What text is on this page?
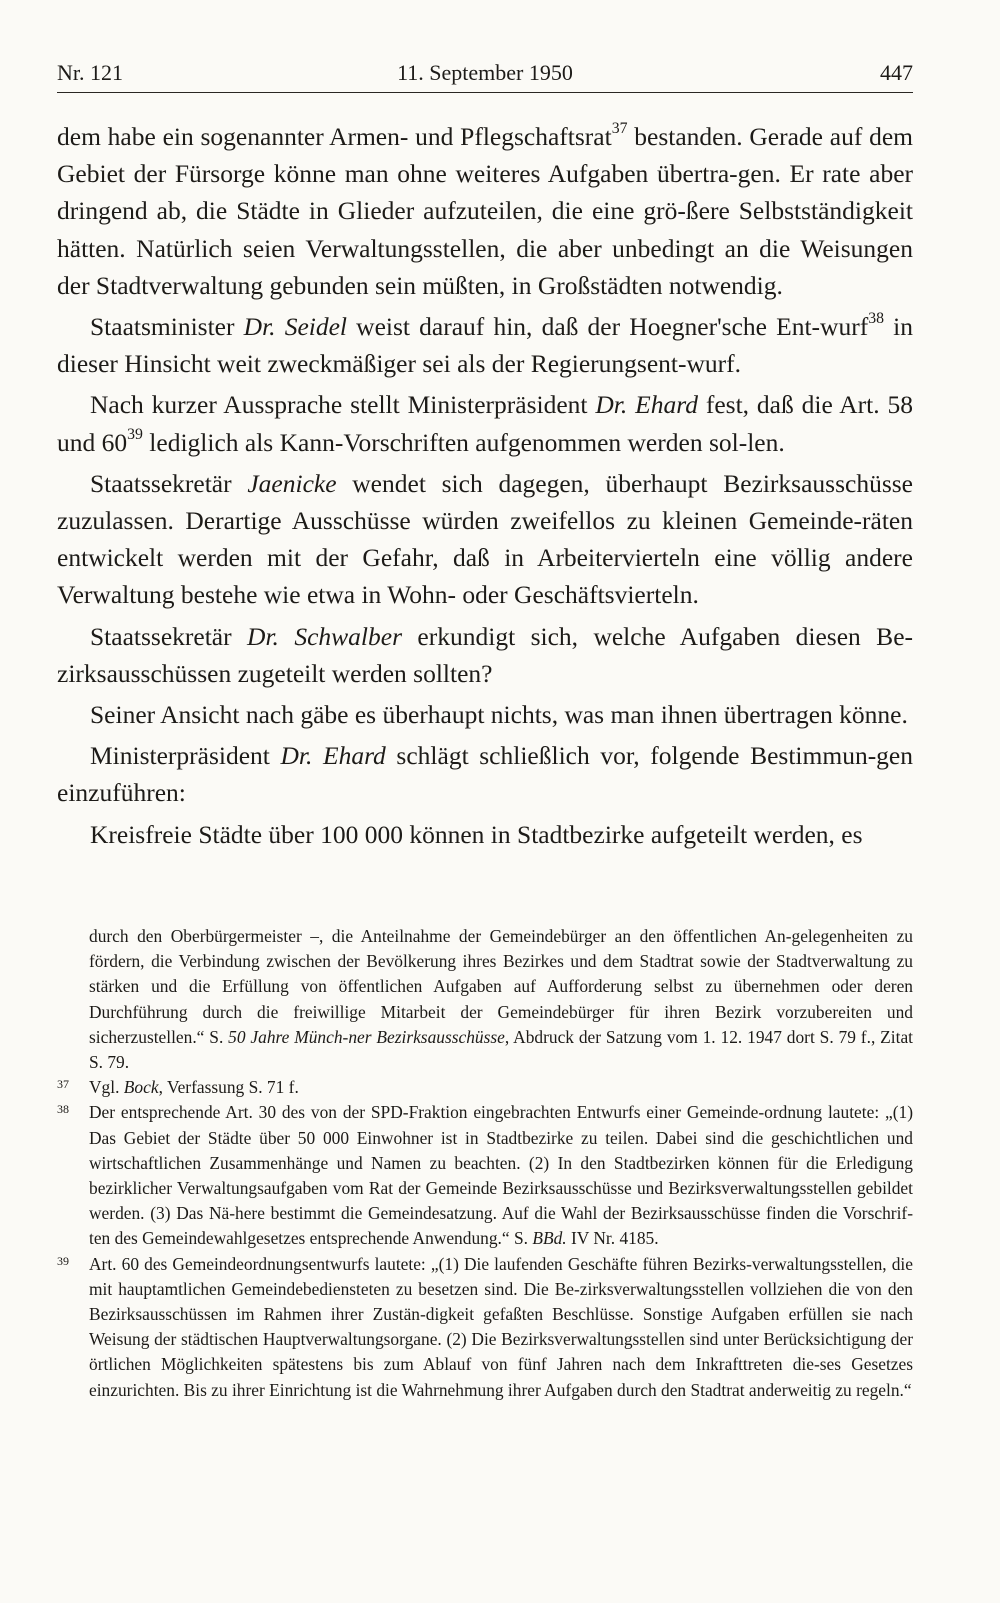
Nr. 121	11. September 1950	447

dem habe ein sogenannter Armen- und Pflegschaftsrat$^{37}$ bestanden. Gerade auf dem Gebiet der Fürsorge könne man ohne weiteres Aufgaben übertra-gen. Er rate aber dringend ab, die Städte in Glieder aufzuteilen, die eine grö-ßere Selbstständigkeit hätten. Natürlich seien Verwaltungsstellen, die aber unbedingt an die Weisungen der Stadtverwaltung gebunden sein müßten, in Großstädten notwendig.

Staatsminister Dr. Seidel weist darauf hin, daß der Hoegner'sche Ent-wurf$^{38}$ in dieser Hinsicht weit zweckmäßiger sei als der Regierungsent-wurf.

Nach kurzer Aussprache stellt Ministerpräsident Dr. Ehard fest, daß die Art. 58 und $60^{39}$ lediglich als Kann-Vorschriften aufgenommen werden sol-len.

Staatssekretär Jaenicke wendet sich dagegen, überhaupt Bezirksausschüsse zuzulassen. Derartige Ausschüsse würden zweifellos zu kleinen Gemeinde-räten entwickelt werden mit der Gefahr, daß in Arbeitervierteln eine völlig andere Verwaltung bestehe wie etwa in Wohn- oder Geschäftsvierteln.

Staatssekretär Dr. Schwalber erkundigt sich, welche Aufgaben diesen Be-zirksausschüssen zugeteilt werden sollten?

Seiner Ansicht nach gäbe es überhaupt nichts, was man ihnen übertragen könne.

Ministerpräsident Dr. Ehard schlägt schließlich vor, folgende Bestimmun-gen einzuführen:

Kreisfreie Städte über 100 000 können in Stadtbezirke aufgeteilt werden, es

durch den Oberbürgermeister –, die Anteilnahme der Gemeindebürger an den öffentlichen An-gelegenheiten zu fördern, die Verbindung zwischen der Bevölkerung ihres Bezirkes und dem Stadtrat sowie der Stadtverwaltung zu stärken und die Erfüllung von öffentlichen Aufgaben auf Aufforderung selbst zu übernehmen oder deren Durchführung durch die freiwillige Mitarbeit der Gemeindebürger für ihren Bezirk vorzubereiten und sicherzustellen.“ S. 50 Jahre Münch-ner Bezirksausschüsse, Abdruck der Satzung vom 1. 12. 1947 dort S. 79 f., Zitat S. 79.

37 Vgl. Bock, Verfassung S. 71 f.

38 Der entsprechende Art. 30 des von der SPD-Fraktion eingebrachten Entwurfs einer Gemeinde-ordnung lautete: „(1) Das Gebiet der Städte über 50 000 Einwohner ist in Stadtbezirke zu teilen. Dabei sind die geschichtlichen und wirtschaftlichen Zusammenhänge und Namen zu beachten. (2) In den Stadtbezirken können für die Erledigung bezirklicher Verwaltungsaufgaben vom Rat der Gemeinde Bezirksausschüsse und Bezirksverwaltungsstellen gebildet werden. (3) Das Nä-here bestimmt die Gemeindesatzung. Auf die Wahl der Bezirksausschüsse finden die Vorschrif-ten des Gemeindewahlgesetzes entsprechende Anwendung.“ S. BBd. IV Nr. 4185.

39 Art. 60 des Gemeindeordnungsentwurfs lautete: „(1) Die laufenden Geschäfte führen Bezirks-verwaltungsstellen, die mit hauptamtlichen Gemeindebediensteten zu besetzen sind. Die Be-zirksverwaltungsstellen vollziehen die von den Bezirksausschüssen im Rahmen ihrer Zustän-digkeit gefaßten Beschlüsse. Sonstige Aufgaben erfüllen sie nach Weisung der städtischen Hauptverwaltungsorgane. (2) Die Bezirksverwaltungsstellen sind unter Berücksichtigung der örtlichen Möglichkeiten spätestens bis zum Ablauf von fünf Jahren nach dem Inkrafttreten die-ses Gesetzes einzurichten. Bis zu ihrer Einrichtung ist die Wahrnehmung ihrer Aufgaben durch den Stadtrat anderweitig zu regeln.“
